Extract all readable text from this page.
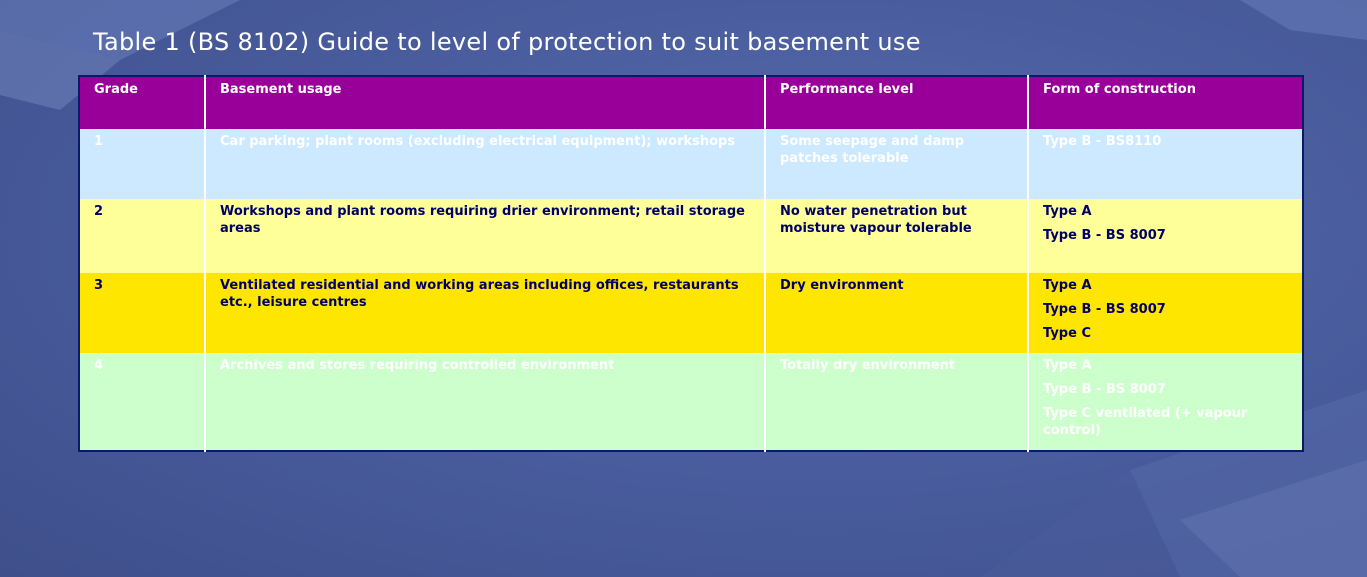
Table 1 (BS 8102) Guide to level of protection to suit basement use
Grade	Basement usage	Performance level	Form of construction
1	Car parking; plant rooms (excluding electrical equipment); workshops	Some seepage and damp patches tolerable	Type B - BS8110

2	Workshops and plant rooms requiring drier environment; retail storage areas	No water penetration but moisture vapour tolerable	Type A
Type B - BS 8007

3	Ventilated residential and working areas including offices, restaurants etc., leisure centres	Dry environment	Type A
Type B - BS 8007
Type C

4	Archives and stores requiring controlled environment	Totally dry environment	Type A
Type B - BS 8007
Type C ventilated (+ vapour control)
